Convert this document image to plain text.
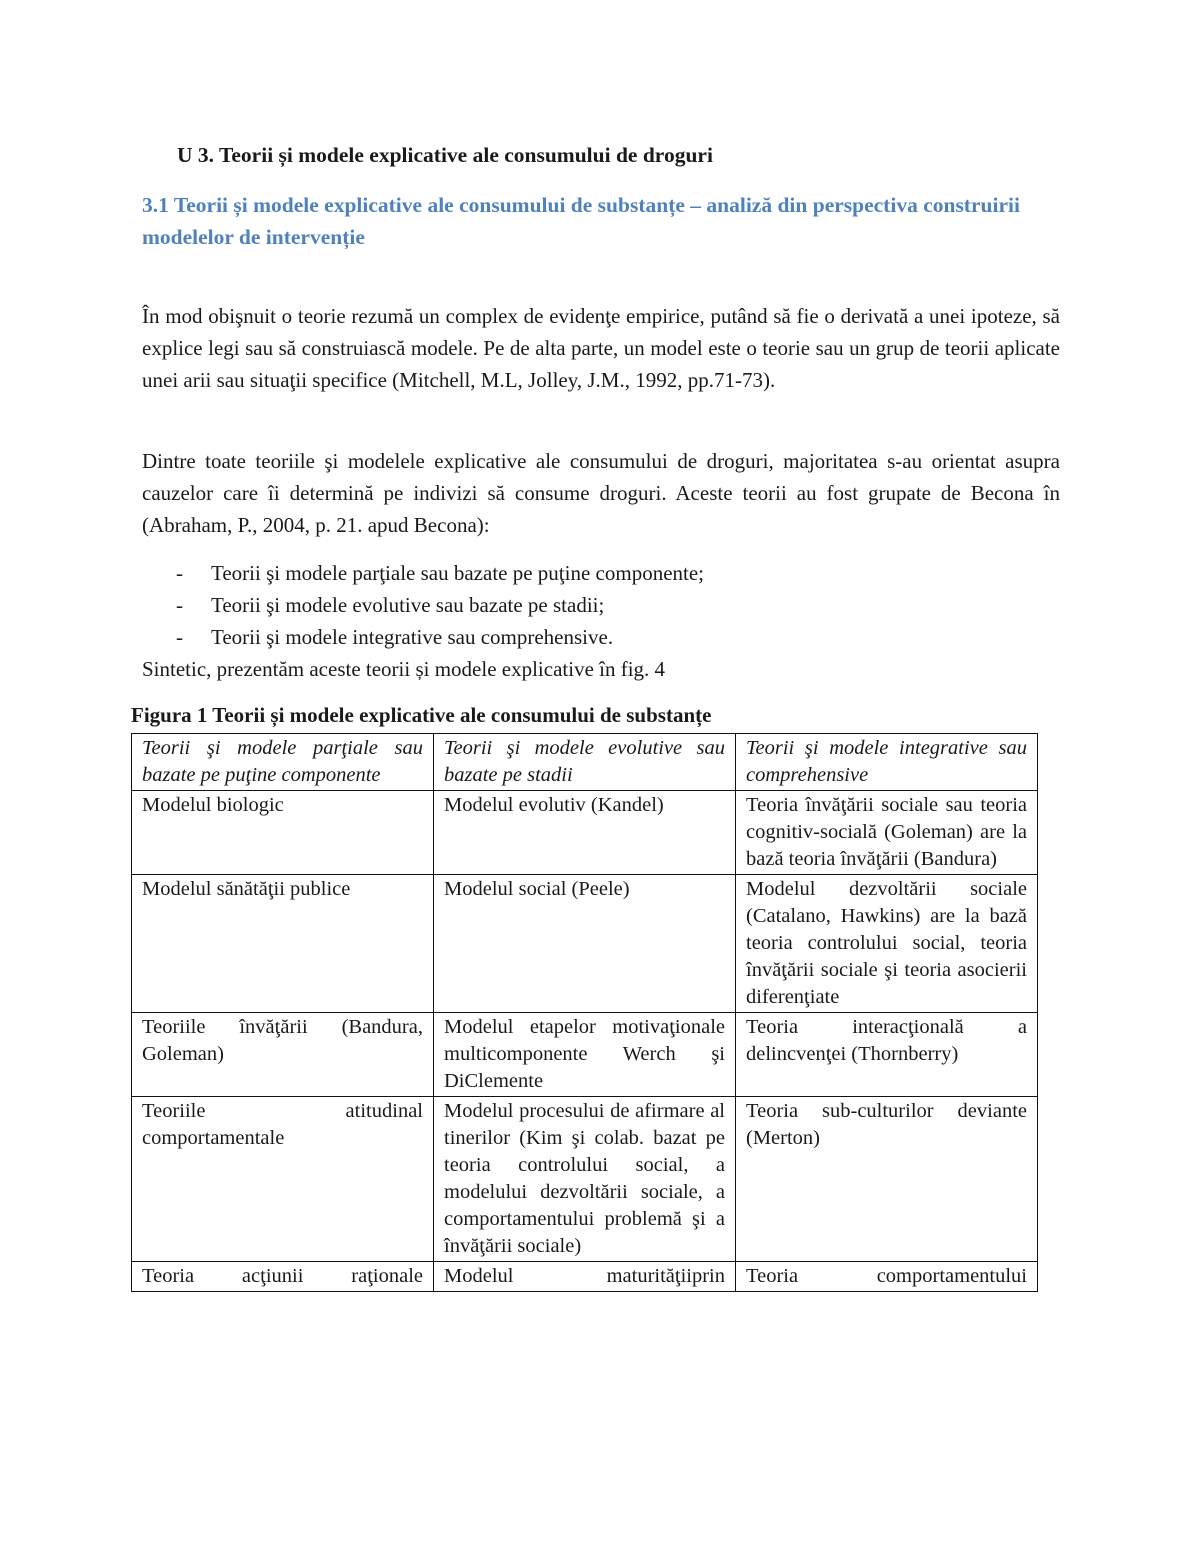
U 3. Teorii și modele explicative ale consumului de droguri
3.1 Teorii și modele explicative ale consumului de substanțe – analiză din perspectiva construirii modelelor de intervenție

În mod obişnuit o teorie rezumă un complex de evidenţe empirice, putând să fie o derivată a unei ipoteze, să explice legi sau să construiască modele. Pe de alta parte, un model este o teorie sau un grup de teorii aplicate unei arii sau situaţii specifice (Mitchell, M.L, Jolley, J.M., 1992, pp.71-73).

Dintre toate teoriile şi modelele explicative ale consumului de droguri, majoritatea s-au orientat asupra cauzelor care îi determină pe indivizi să consume droguri. Aceste teorii au fost grupate de Becona în (Abraham, P., 2004, p. 21. apud Becona):

- Teorii şi modele parţiale sau bazate pe puţine componente;
- Teorii şi modele evolutive sau bazate pe stadii;
- Teorii şi modele integrative sau comprehensive.

Sintetic, prezentăm aceste teorii și modele explicative în fig. 4

Figura 1 Teorii și modele explicative ale consumului de substanțe

Teorii şi modele parţiale sau bazate pe puţine componente	Teorii şi modele evolutive sau bazate pe stadii	Teorii şi modele integrative sau comprehensive
Modelul biologic	Modelul evolutiv (Kandel)	Teoria învăţării sociale sau teoria cognitiv-socială (Goleman) are la bază teoria învăţării (Bandura)
Modelul sănătăţii publice	Modelul social (Peele)	Modelul dezvoltării sociale (Catalano, Hawkins) are la bază teoria controlului social, teoria învăţării sociale şi teoria asocierii diferenţiate
Teoriile învăţării (Bandura, Goleman)	Modelul etapelor motivaţionale multicomponente Werch şi DiClemente	Teoria interacţională a delincvenţei (Thornberry)
Teoriile atitudinal comportamentale	Modelul procesului de afirmare al tinerilor (Kim şi colab. bazat pe teoria controlului social, a modelului dezvoltării sociale, a comportamentului problemă şi a învăţării sociale)	Teoria sub-culturilor deviante (Merton)

Teoria acţiunii raţionale	Modelul maturităţiiprin	Teoria comportamentului
